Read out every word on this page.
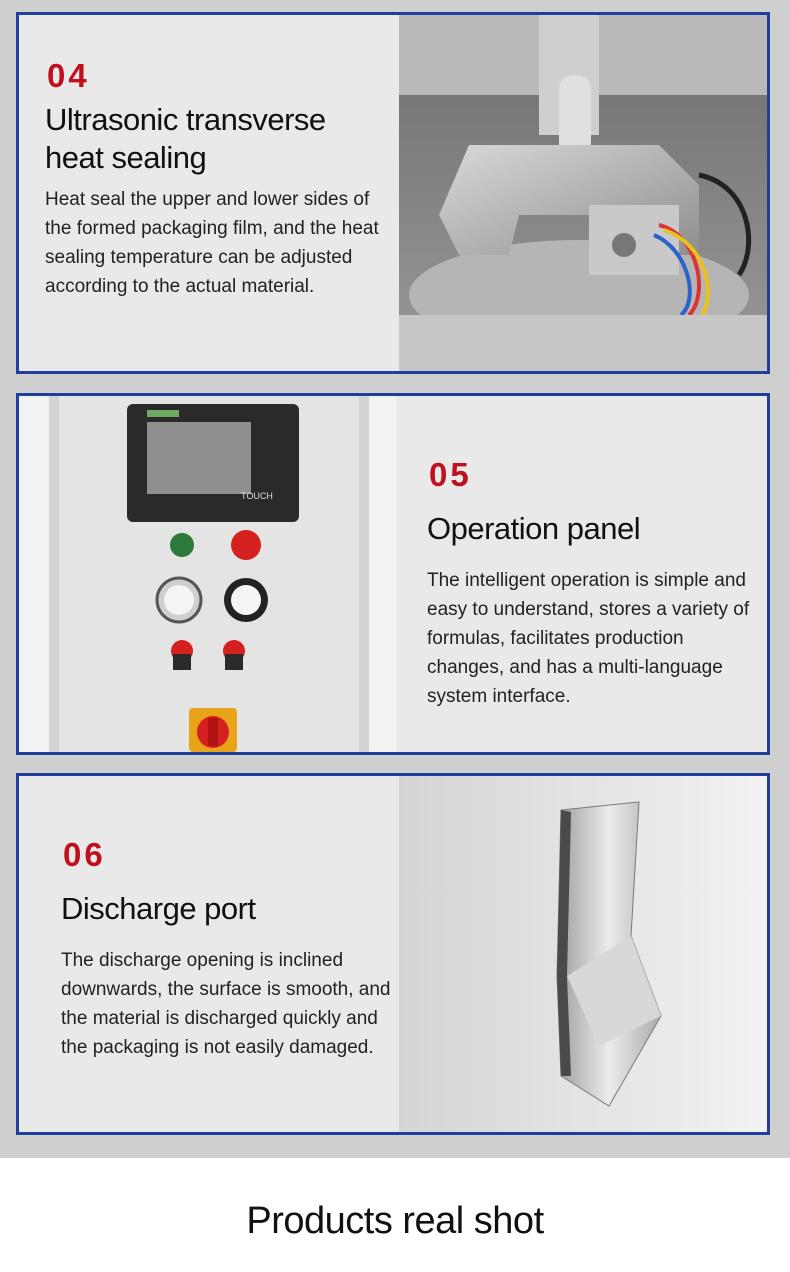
04
Ultrasonic transverse heat sealing
Heat seal the upper and lower sides of the formed packaging film, and the heat sealing temperature can be adjusted according to the actual material.
TOUCH
05
Operation panel
The intelligent operation is simple and easy to understand, stores a variety of formulas, facilitates production changes, and has a multi-language system interface.
06
Discharge port
The discharge opening is inclined downwards, the surface is smooth, and the material is discharged quickly and the packaging is not easily damaged.
Products real shot
